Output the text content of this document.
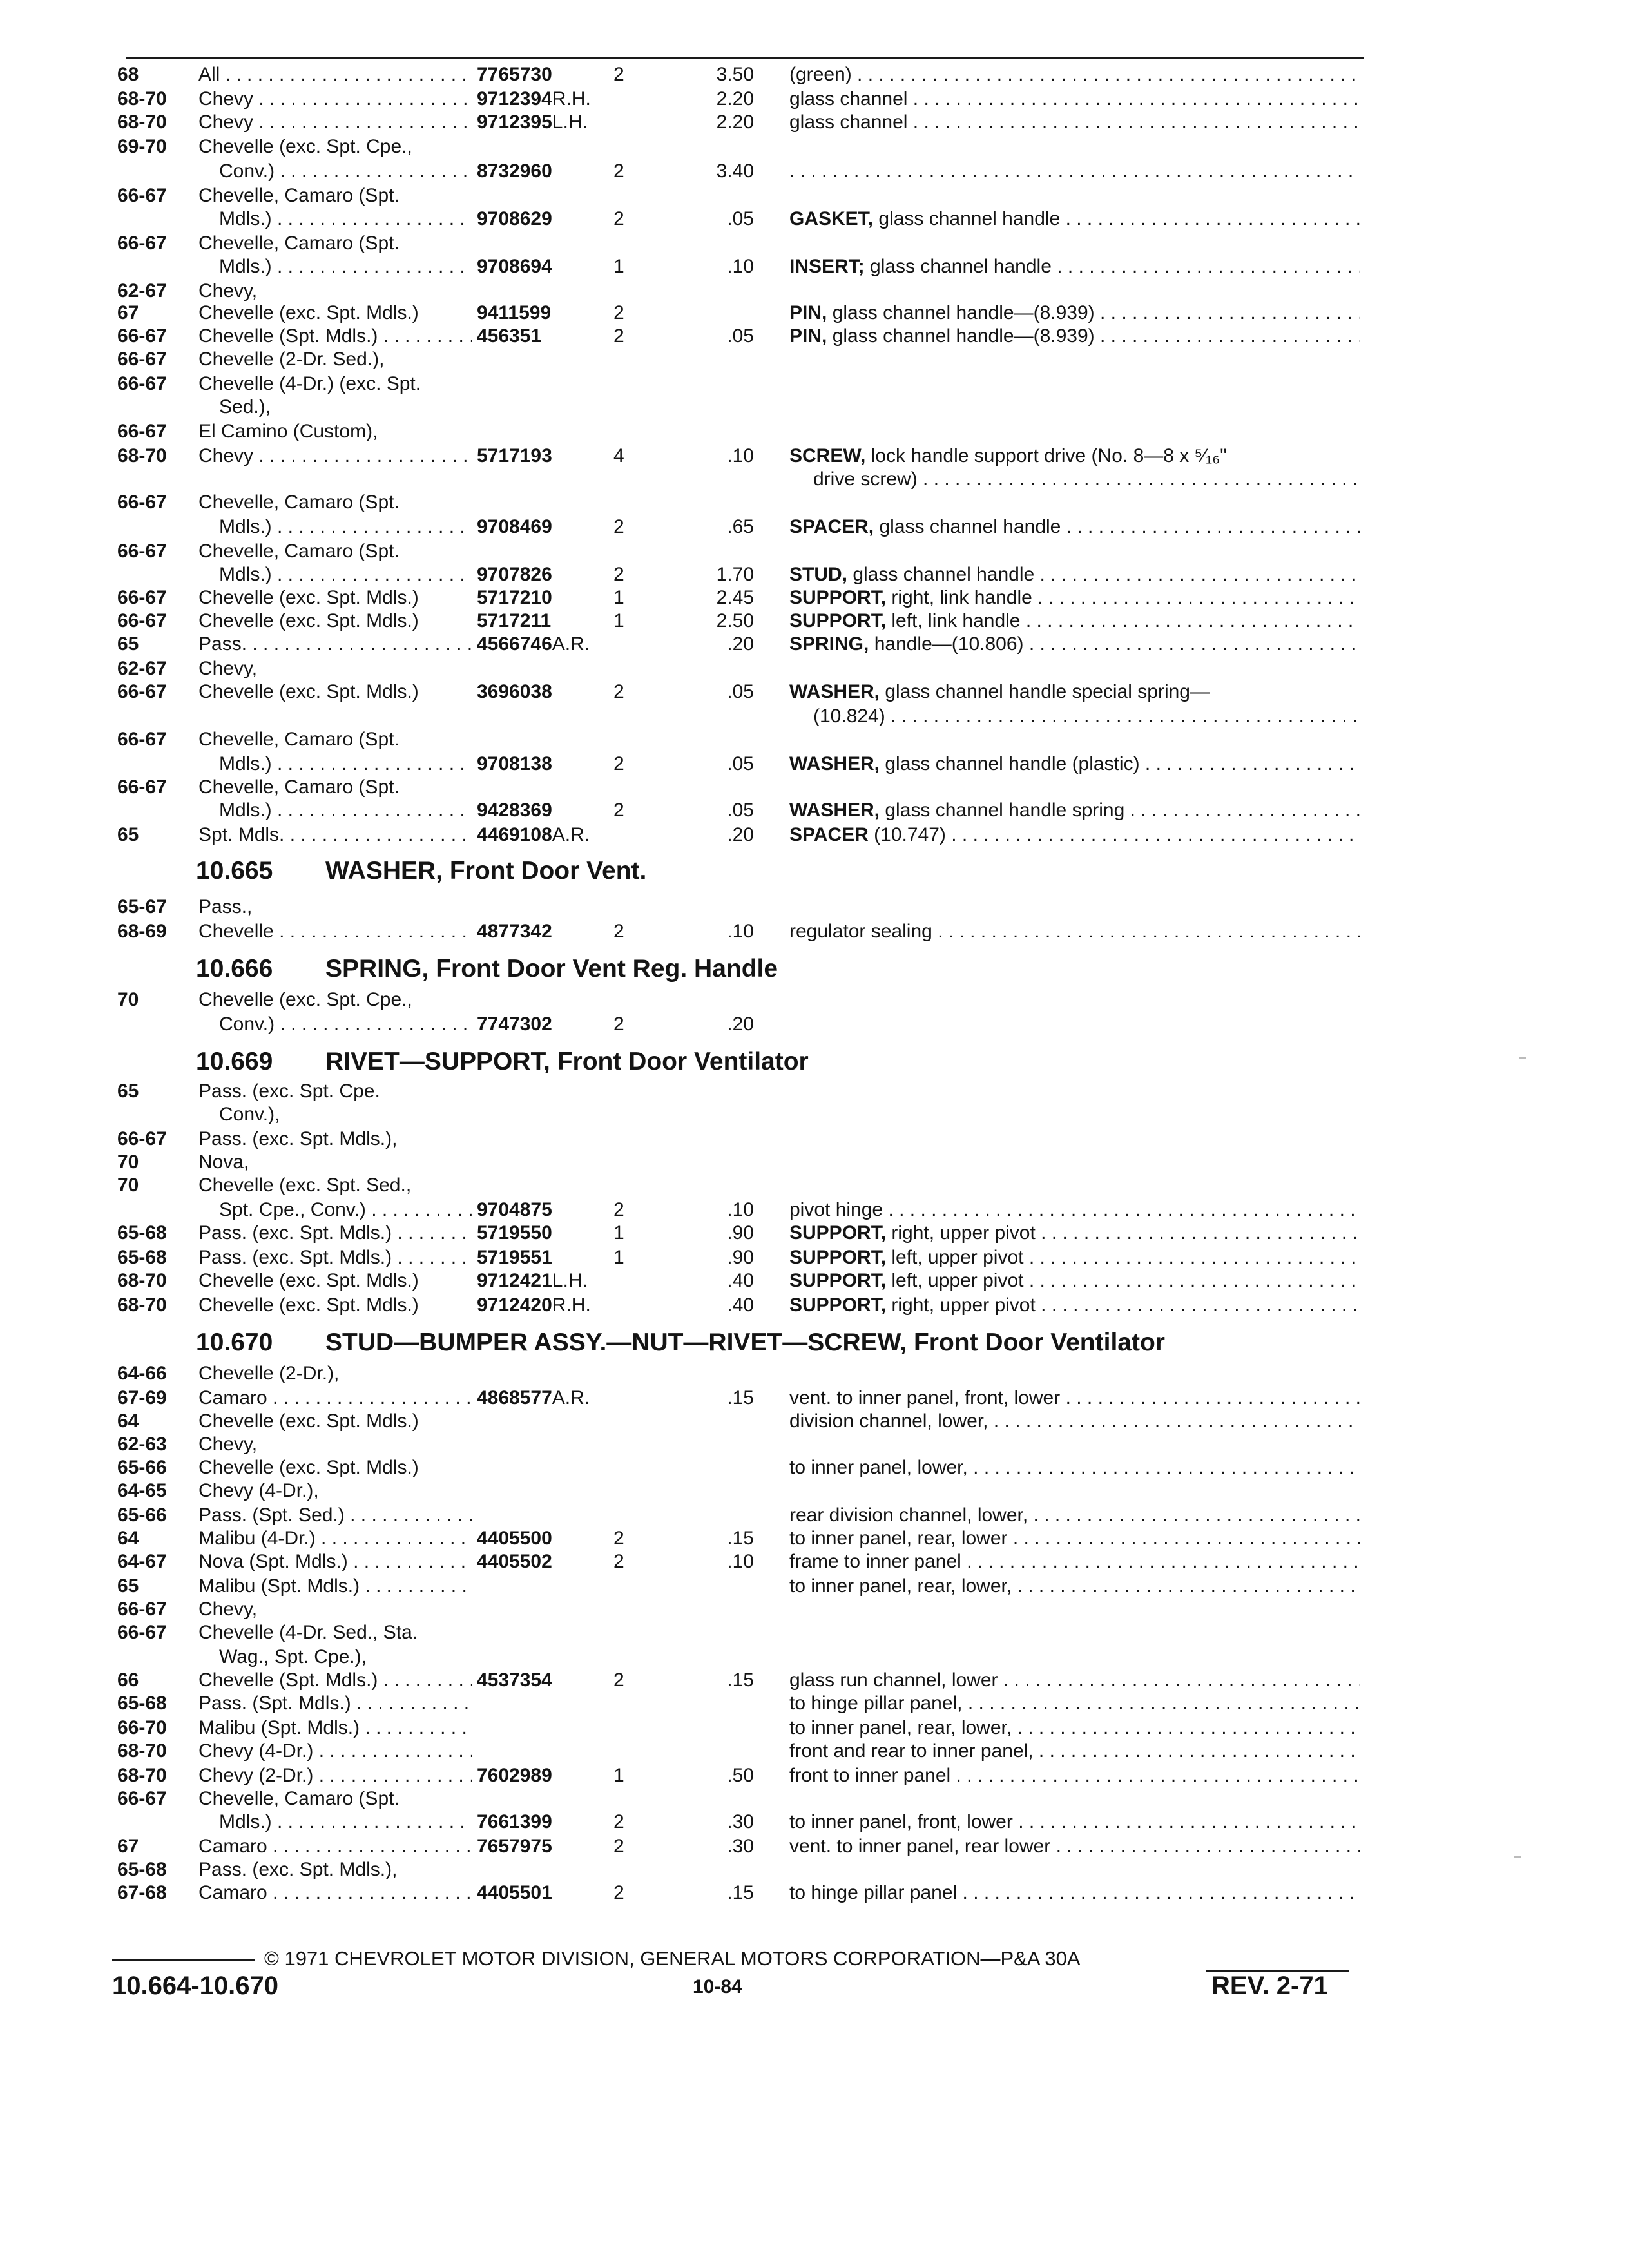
68	All . . .	7765730	2	3.50 (green) . . .
68-70	Chevy . . .	9712394R.H.	2.20 glass channel . . .
68-70	Chevy . . .	9712395L.H.	2.20 glass channel . . .
69-70	Chevelle (exc. Spt. Cpe.,
Conv.) . . .	8732960	2	3.40
. . .
66-67	Chevelle, Camaro (Spt.
Mdls.) . . .	9708629	2	.05 GASKET, glass channel handle . . .
66-67	Chevelle, Camaro (Spt.
Mdls.) . . .	9708694	1	.10 INSERT; glass channel handle . . .
62-67	Chevy,
67	Chevelle (exc. Spt. Mdls.)	9411599	2	PIN, glass channel handle—(8.939) . . .
66-67	Chevelle (Spt. Mdls.) . . .	456351	2	.05 PIN, glass channel handle—(8.939) . . .
66-67	Chevelle (2-Dr. Sed.),
66-67	Chevelle (4-Dr.) (exc. Spt.
Sed.),
66-67	El Camino (Custom),
68-70	Chevy . . .	5717193	4	.10 SCREW, lock handle support drive (No. 8—8 x ⁵⁄₁₆"
drive screw) . . .
66-67	Chevelle, Camaro (Spt.
Mdls.) . . .	9708469	2	.65 SPACER, glass channel handle . . .
66-67	Chevelle, Camaro (Spt.
Mdls.) . . .	9707826	2	1.70 STUD, glass channel handle . . .
66-67	Chevelle (exc. Spt. Mdls.)	5717210	1	2.45 SUPPORT, right, link handle . . .
66-67	Chevelle (exc. Spt. Mdls.)	5717211	1	2.50 SUPPORT, left, link handle . . .
65	Pass. . . .	4566746A.R.	.20 SPRING, handle—(10.806) . . .
62-67	Chevy,
66-67	Chevelle (exc. Spt. Mdls.)	3696038	2	.05 WASHER, glass channel handle special spring—
(10.824) . . .
66-67	Chevelle, Camaro (Spt.
Mdls.) . . .	9708138	2	.05 WASHER, glass channel handle (plastic) . . .
66-67	Chevelle, Camaro (Spt.
Mdls.) . . .	9428369	2	.05 WASHER, glass channel handle spring . . .
65	Spt. Mdls. . . .	4469108A.R.	.20 SPACER (10.747) . . .
10.665 WASHER, Front Door Vent.
65-67	Pass.,
68-69	Chevelle . . .	4877342	2	.10 regulator sealing . . .
10.666 SPRING, Front Door Vent Reg. Handle
70	Chevelle (exc. Spt. Cpe.,
Conv.) . . .	7747302	2	.20
10.669 RIVET—SUPPORT, Front Door Ventilator
65	Pass. (exc. Spt. Cpe.
Conv.),
66-67	Pass. (exc. Spt. Mdls.),
70	Nova,
70	Chevelle (exc. Spt. Sed.,
Spt. Cpe., Conv.) . . .	9704875	2	.10 pivot hinge . . .
65-68	Pass. (exc. Spt. Mdls.) . . .	5719550	1	.90 SUPPORT, right, upper pivot . . .
65-68	Pass. (exc. Spt. Mdls.) . . .	5719551	1	.90 SUPPORT, left, upper pivot . . .
68-70	Chevelle (exc. Spt. Mdls.)	9712421L.H.	.40 SUPPORT, left, upper pivot . . .
68-70	Chevelle (exc. Spt. Mdls.)	9712420R.H.	.40 SUPPORT, right, upper pivot . . .
10.670 STUD—BUMPER ASSY.—NUT—RIVET—SCREW, Front Door Ventilator
64-66	Chevelle (2-Dr.),
67-69	Camaro . . .	4868577A.R.	.15 vent. to inner panel, front, lower . . .
64	Chevelle (exc. Spt. Mdls.)	division channel, lower, . . .
62-63	Chevy,
65-66	Chevelle (exc. Spt. Mdls.)	to inner panel, lower, . . .
64-65	Chevy (4-Dr.),
65-66	Pass. (Spt. Sed.) . . .	rear division channel, lower, . . .
64	Malibu (4-Dr.) . . .	4405500	2	.15 to inner panel, rear, lower . . .
64-67	Nova (Spt. Mdls.) . . .	4405502	2	.10 frame to inner panel . . .
65	Malibu (Spt. Mdls.) . . .	to inner panel, rear, lower, . . .
66-67	Chevy,
66-67	Chevelle (4-Dr. Sed., Sta.
Wag., Spt. Cpe.),
66	Chevelle (Spt. Mdls.) . . .	4537354	2	.15 glass run channel, lower . . .
65-68	Pass. (Spt. Mdls.) . . .	to hinge pillar panel, . . .
66-70	Malibu (Spt. Mdls.) . . .	to inner panel, rear, lower, . . .
68-70	Chevy (4-Dr.) . . .	front and rear to inner panel, . . .
68-70	Chevy (2-Dr.) . . .	7602989	1	.50 front to inner panel . . .
66-67	Chevelle, Camaro (Spt.
Mdls.) . . .	7661399	2	.30 to inner panel, front, lower . . .
67	Camaro . . .	7657975	2	.30 vent. to inner panel, rear lower . . .
65-68	Pass. (exc. Spt. Mdls.),
67-68	Camaro . . .	4405501	2	.15 to hinge pillar panel . . .
© 1971 CHEVROLET MOTOR DIVISION, GENERAL MOTORS CORPORATION—P&A 30A
10.664-10.670	10-84	REV. 2-71
